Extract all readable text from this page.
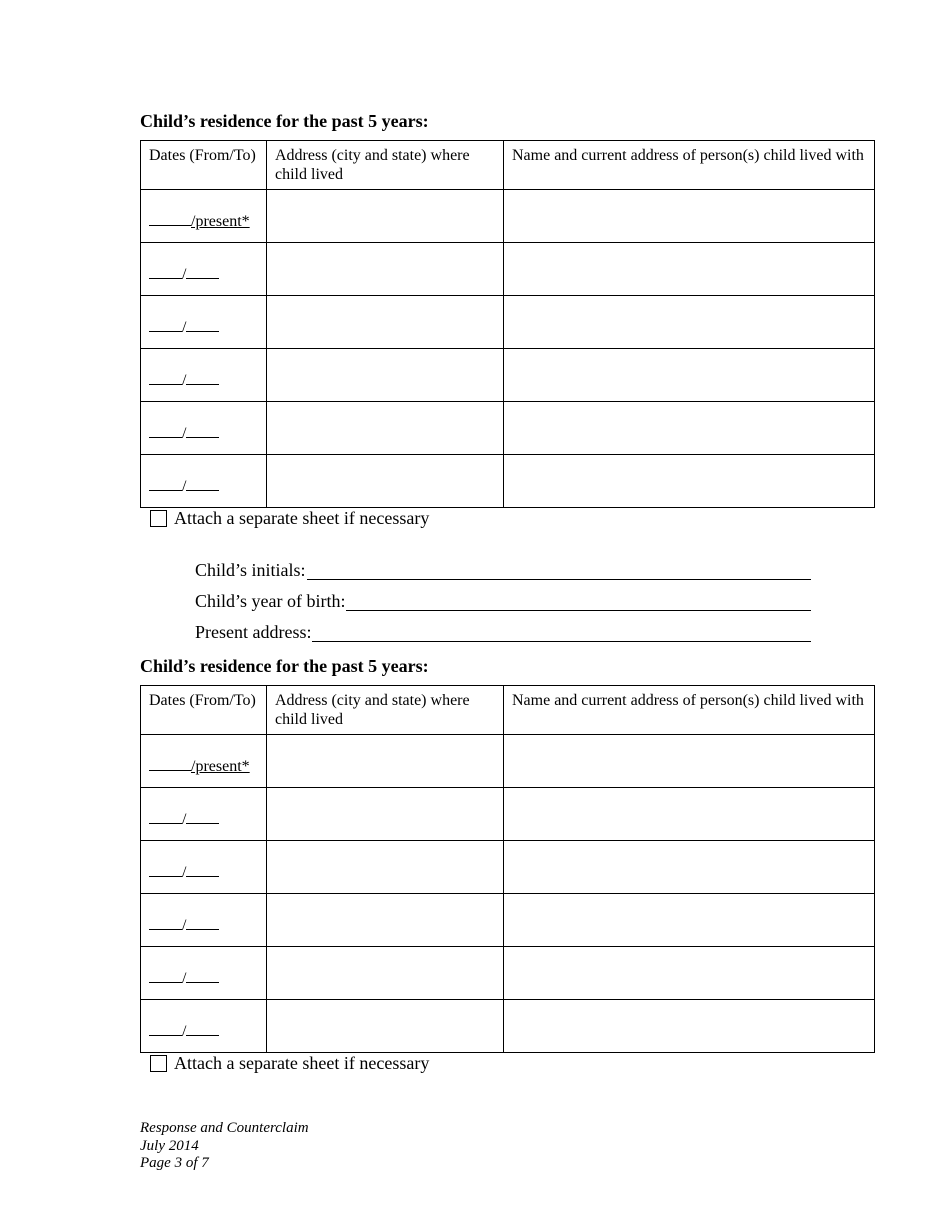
Child’s residence for the past 5 years:
Dates (From/To)	Address (city and state) where child lived	Name and current address of person(s) child lived with
/present*		
/		
/		
/		
/		
/		
Attach a separate sheet if necessary
Child’s initials:
Child’s year of birth:
Present address:
Child’s residence for the past 5 years:
Dates (From/To)	Address (city and state) where child lived	Name and current address of person(s) child lived with
/present*		
/		
/		
/		
/		
/		
Attach a separate sheet if necessary
Response and Counterclaim
July 2014
Page 3 of 7
